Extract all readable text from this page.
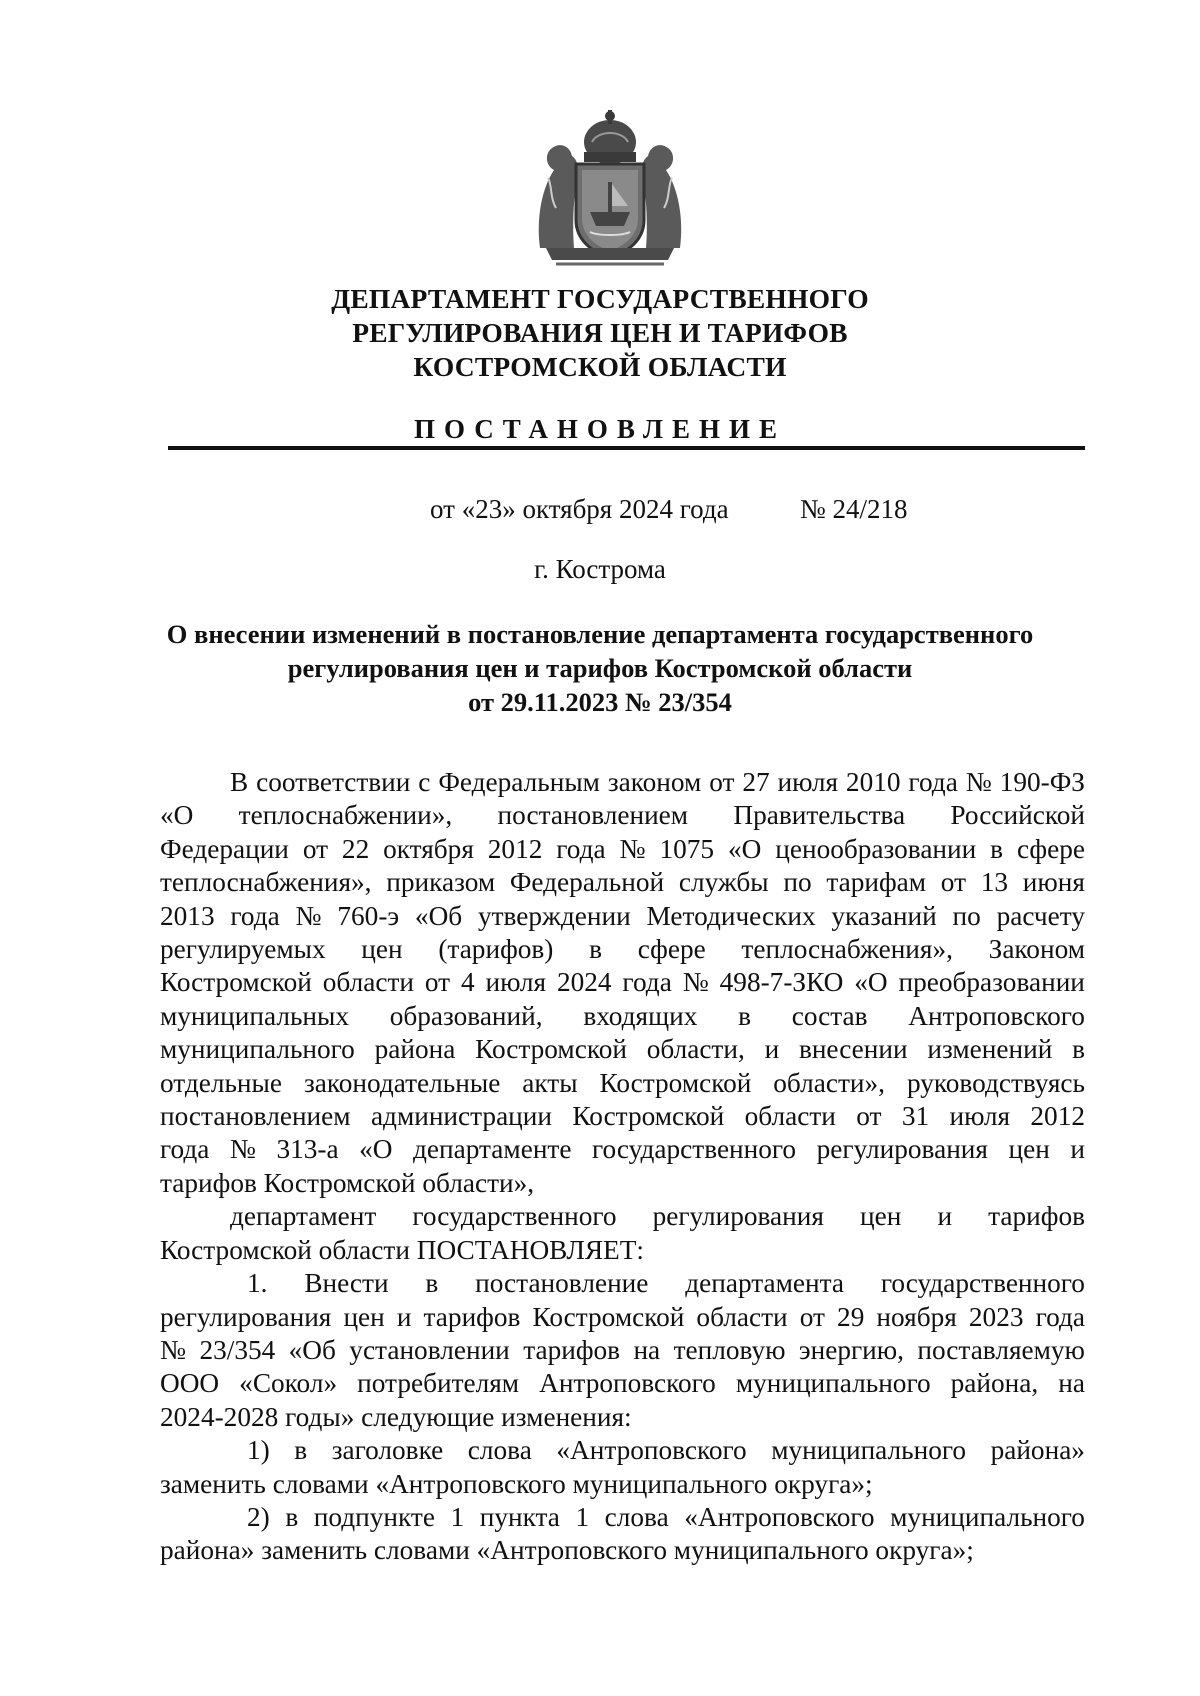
ДЕПАРТАМЕНТ ГОСУДАРСТВЕННОГО
РЕГУЛИРОВАНИЯ ЦЕН И ТАРИФОВ
КОСТРОМСКОЙ ОБЛАСТИ
ПОСТАНОВЛЕНИЕ
от «23» октября 2024 года	№ 24/218
г. Кострома
О внесении изменений в постановление департамента государственного
регулирования цен и тарифов Костромской области
от 29.11.2023 № 23/354
В соответствии с Федеральным законом от 27 июля 2010 года № 190-ФЗ
«О теплоснабжении», постановлением Правительства Российской
Федерации от 22 октября 2012 года № 1075 «О ценообразовании в сфере
теплоснабжения», приказом Федеральной службы по тарифам от 13 июня
2013 года № 760-э «Об утверждении Методических указаний по расчету
регулируемых цен (тарифов) в сфере теплоснабжения», Законом
Костромской области от 4 июля 2024 года № 498-7-ЗКО «О преобразовании
муниципальных образований, входящих в состав Антроповского
муниципального района Костромской области, и внесении изменений в
отдельные законодательные акты Костромской области», руководствуясь
постановлением администрации Костромской области от 31 июля 2012
года № 313-а «О департаменте государственного регулирования цен и
тарифов Костромской области»,
департамент государственного регулирования цен и тарифов
Костромской области ПОСТАНОВЛЯЕТ:
1. Внести в постановление департамента государственного
регулирования цен и тарифов Костромской области от 29 ноября 2023 года
№ 23/354 «Об установлении тарифов на тепловую энергию, поставляемую
ООО «Сокол» потребителям Антроповского муниципального района, на
2024-2028 годы» следующие изменения:
1) в заголовке слова «Антроповского муниципального района»
заменить словами «Антроповского муниципального округа»;
2) в подпункте 1 пункта 1 слова «Антроповского муниципального
района» заменить словами «Антроповского муниципального округа»;
